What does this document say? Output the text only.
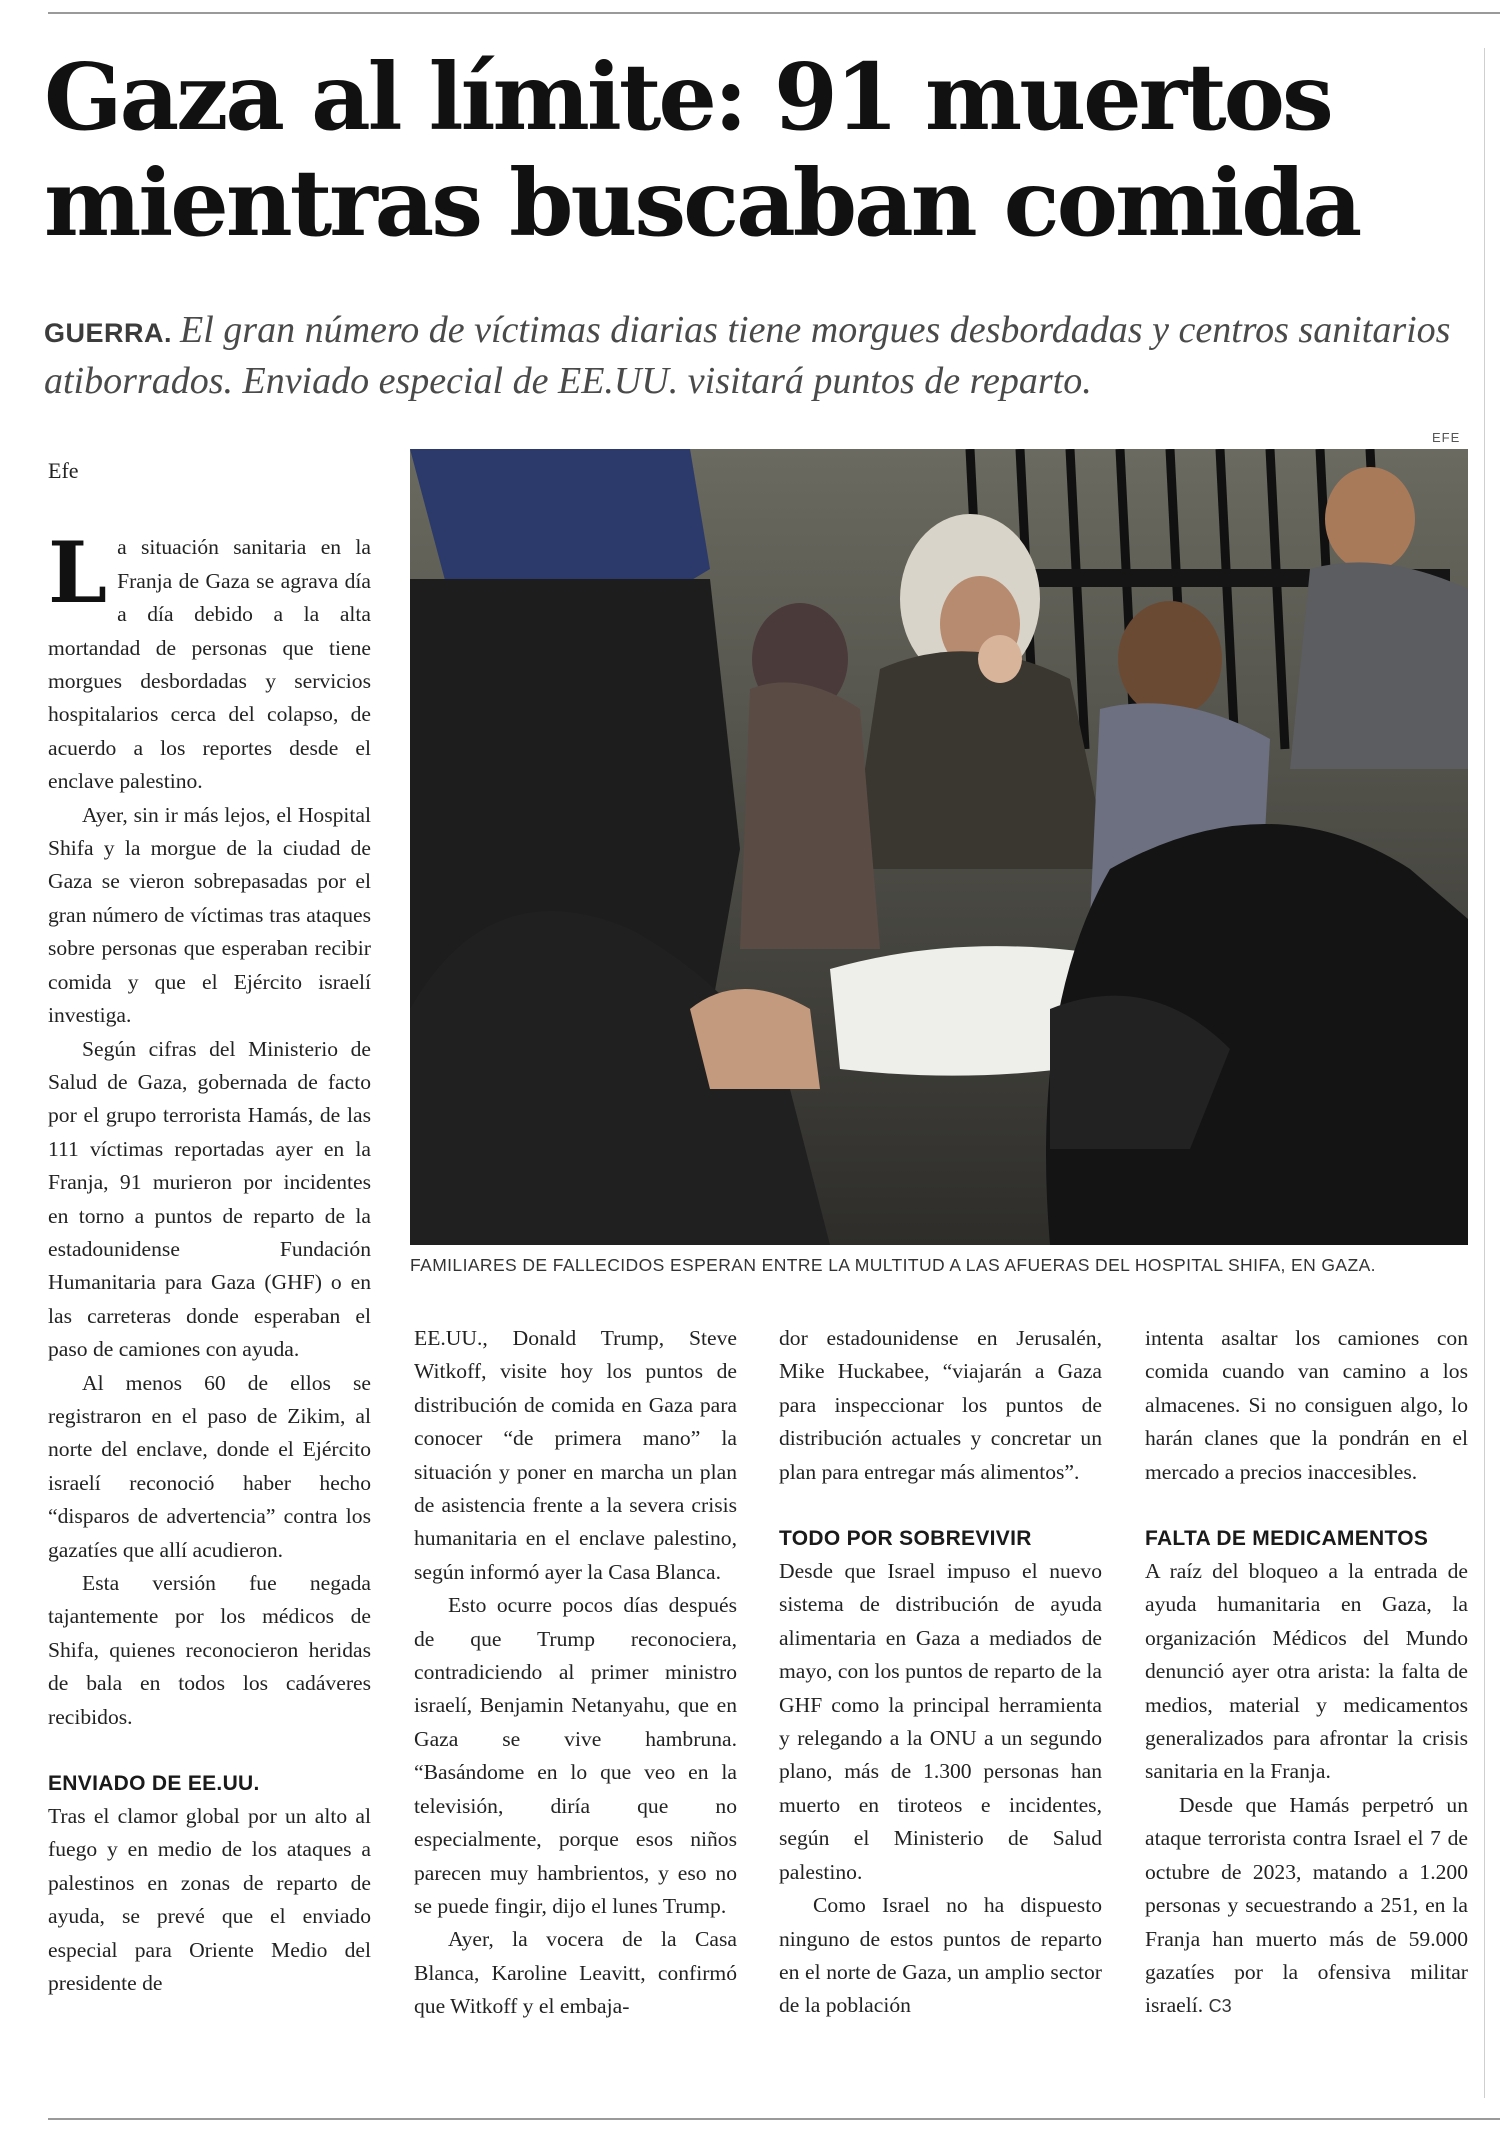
Gaza al límite: 91 muertos mientras buscaban comida

GUERRA. El gran número de víctimas diarias tiene morgues desbordadas y centros sanitarios atiborrados. Enviado especial de EE.UU. visitará puntos de reparto.

Efe

La situación sanitaria en la Franja de Gaza se agrava día a día debido a la alta mortandad de personas que tiene morgues desbordadas y servicios hospitalarios cerca del colapso, de acuerdo a los reportes desde el enclave palestino.

Ayer, sin ir más lejos, el Hospital Shifa y la morgue de la ciudad de Gaza se vieron sobrepasadas por el gran número de víctimas tras ataques sobre personas que esperaban recibir comida y que el Ejército israelí investiga.

Según cifras del Ministerio de Salud de Gaza, gobernada de facto por el grupo terrorista Hamás, de las 111 víctimas reportadas ayer en la Franja, 91 murieron por incidentes en torno a puntos de reparto de la estadounidense Fundación Humanitaria para Gaza (GHF) o en las carreteras donde esperaban el paso de camiones con ayuda.

Al menos 60 de ellos se registraron en el paso de Zikim, al norte del enclave, donde el Ejército israelí reconoció haber hecho “disparos de advertencia” contra los gazatíes que allí acudieron.

Esta versión fue negada tajantemente por los médicos de Shifa, quienes reconocieron heridas de bala en todos los cadáveres recibidos.

ENVIADO DE EE.UU.

Tras el clamor global por un alto al fuego y en medio de los ataques a palestinos en zonas de reparto de ayuda, se prevé que el enviado especial para Oriente Medio del presidente de

EFE
FAMILIARES DE FALLECIDOS ESPERAN ENTRE LA MULTITUD A LAS AFUERAS DEL HOSPITAL SHIFA, EN GAZA.

EE.UU., Donald Trump, Steve Witkoff, visite hoy los puntos de distribución de comida en Gaza para conocer “de primera mano” la situación y poner en marcha un plan de asistencia frente a la severa crisis humanitaria en el enclave palestino, según informó ayer la Casa Blanca.

Esto ocurre pocos días después de que Trump reconociera, contradiciendo al primer ministro israelí, Benjamin Netanyahu, que en Gaza se vive hambruna. “Basándome en lo que veo en la televisión, diría que no especialmente, porque esos niños parecen muy hambrientos, y eso no se puede fingir, dijo el lunes Trump.

Ayer, la vocera de la Casa Blanca, Karoline Leavitt, confirmó que Witkoff y el embaja-

dor estadounidense en Jerusalén, Mike Huckabee, “viajarán a Gaza para inspeccionar los puntos de distribución actuales y concretar un plan para entregar más alimentos”.

TODO POR SOBREVIVIR

Desde que Israel impuso el nuevo sistema de distribución de ayuda alimentaria en Gaza a mediados de mayo, con los puntos de reparto de la GHF como la principal herramienta y relegando a la ONU a un segundo plano, más de 1.300 personas han muerto en tiroteos e incidentes, según el Ministerio de Salud palestino.

Como Israel no ha dispuesto ninguno de estos puntos de reparto en el norte de Gaza, un amplio sector de la población

intenta asaltar los camiones con comida cuando van camino a los almacenes. Si no consiguen algo, lo harán clanes que la pondrán en el mercado a precios inaccesibles.

FALTA DE MEDICAMENTOS

A raíz del bloqueo a la entrada de ayuda humanitaria en Gaza, la organización Médicos del Mundo denunció ayer otra arista: la falta de medios, material y medicamentos generalizados para afrontar la crisis sanitaria en la Franja.

Desde que Hamás perpetró un ataque terrorista contra Israel el 7 de octubre de 2023, matando a 1.200 personas y secuestrando a 251, en la Franja han muerto más de 59.000 gazatíes por la ofensiva militar israelí. C3
